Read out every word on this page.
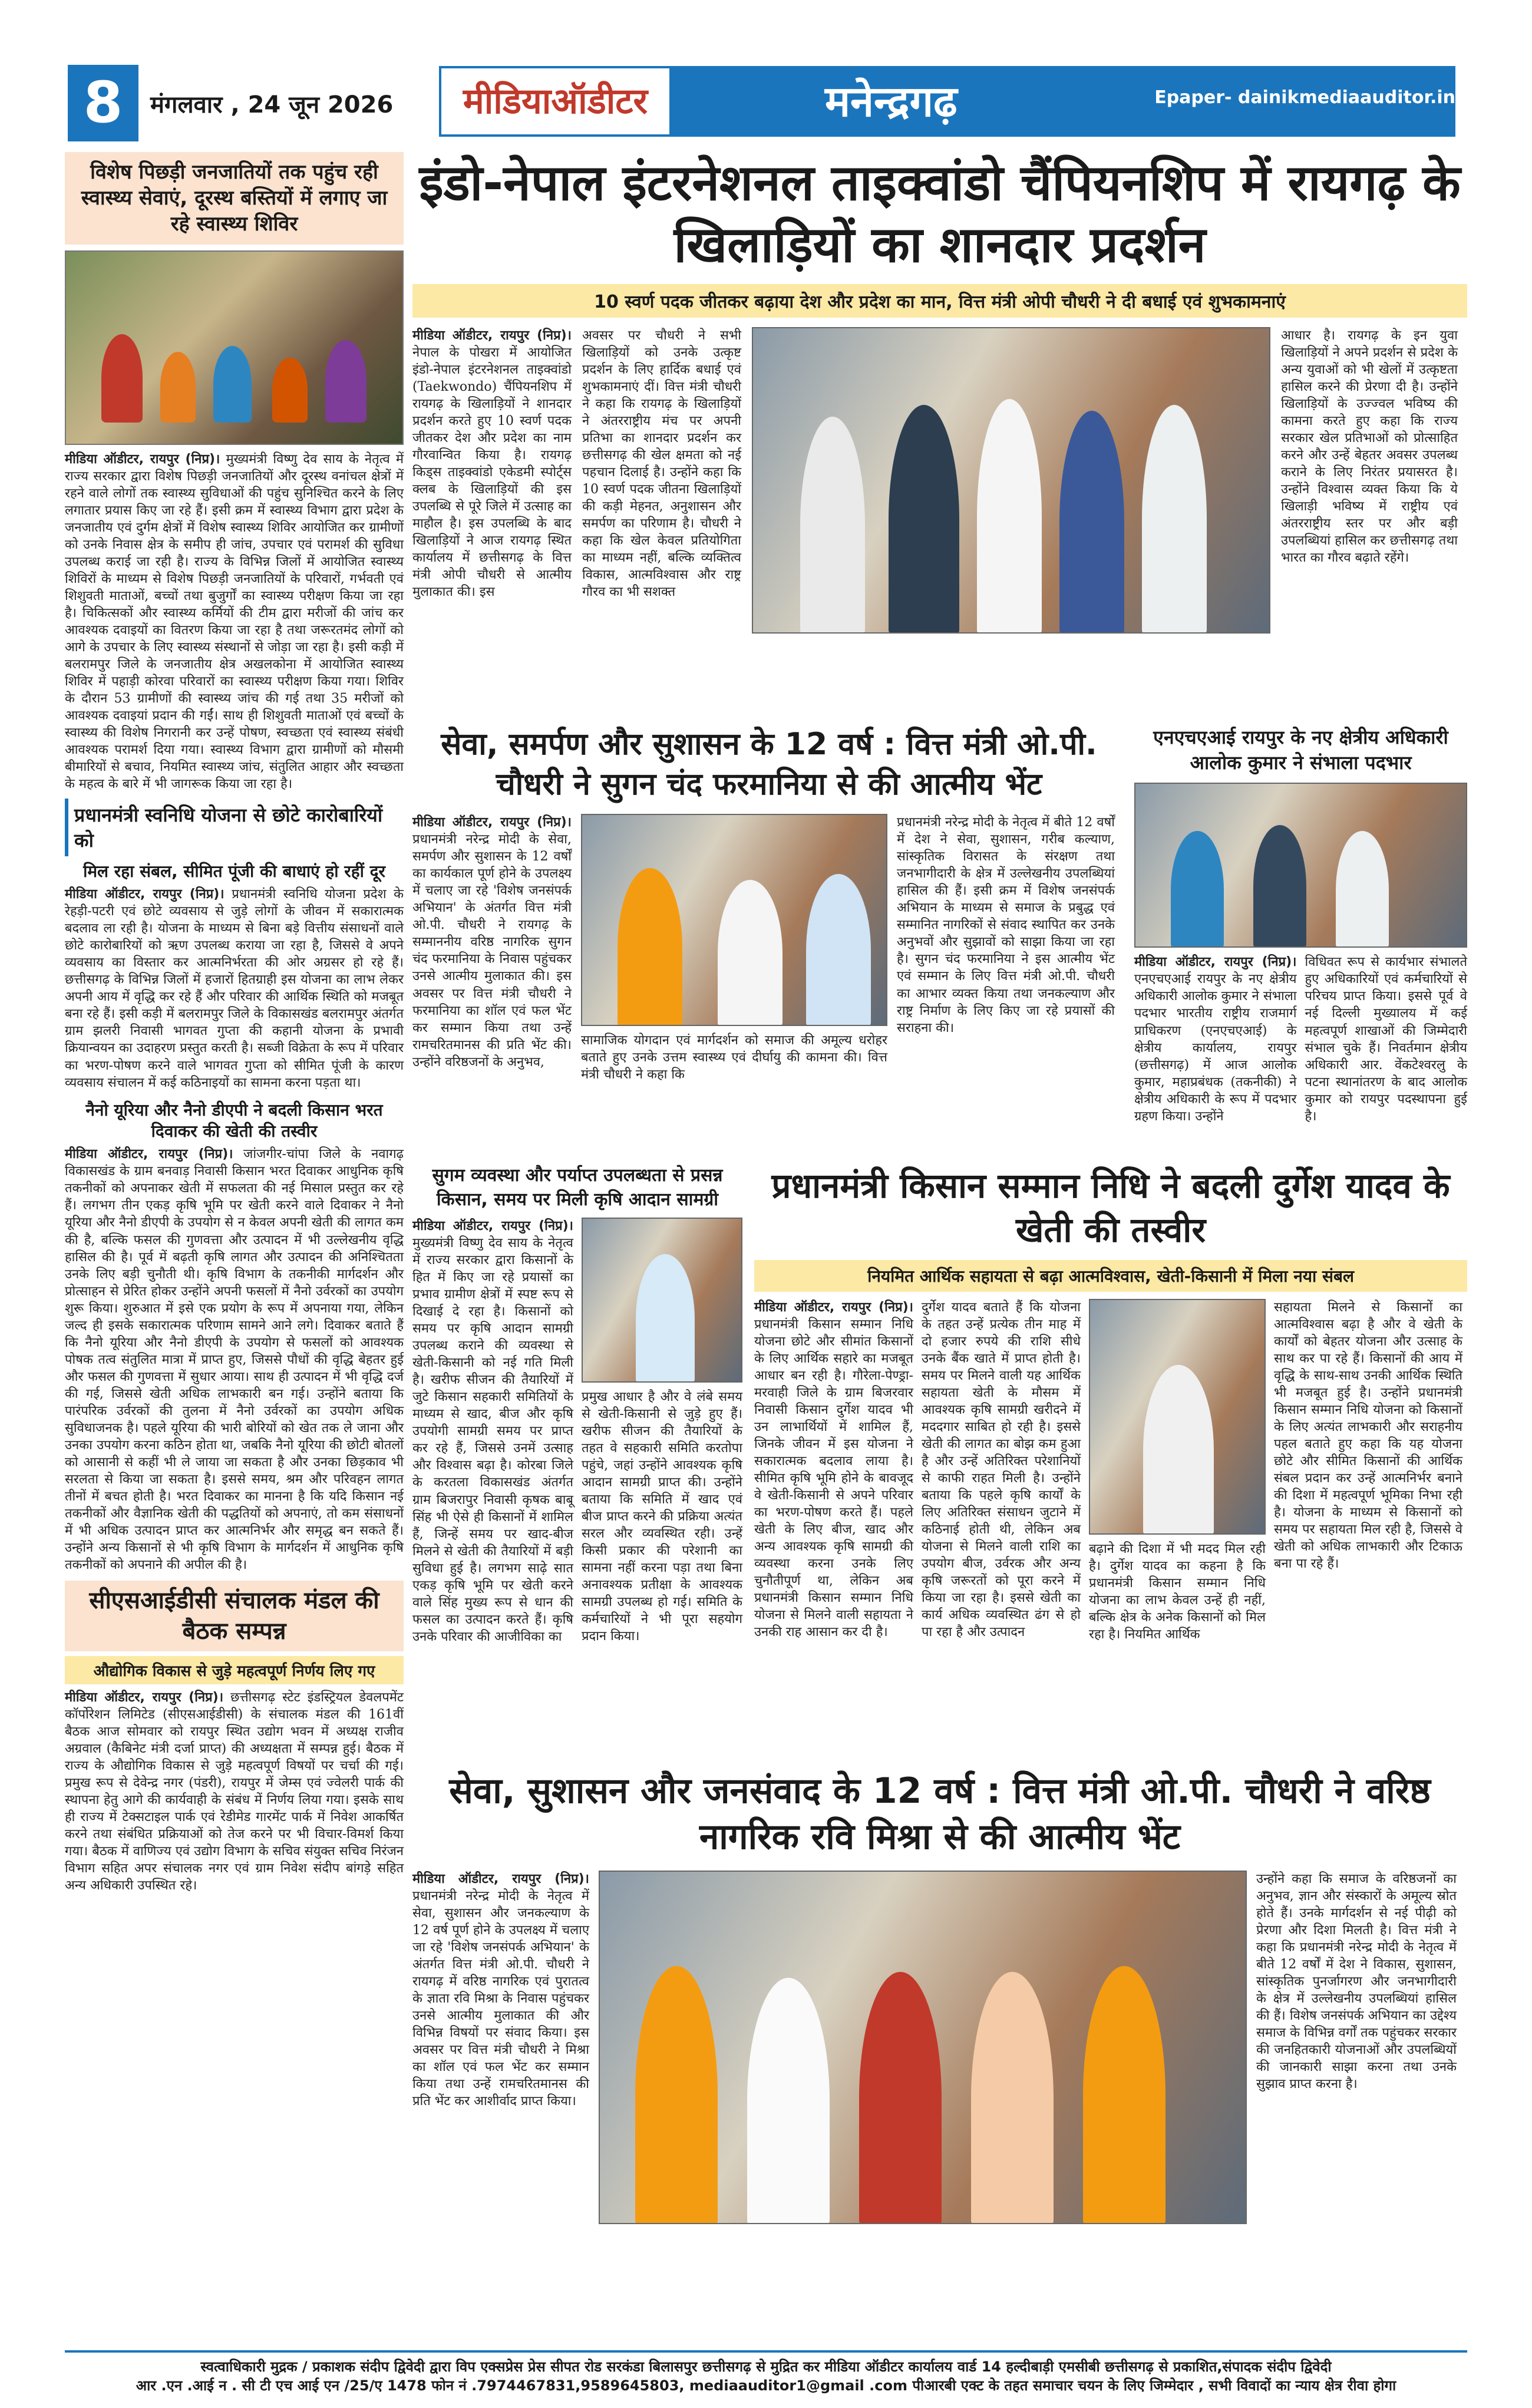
8	मंगलवार , 24 जून 2026	मीडियाऑडीटर	मनेन्द्रगढ़	Epaper- dainikmediaauditor.in
विशेष पिछड़ी जनजातियों तक पहुंच रही स्वास्थ्य सेवाएं, दूरस्थ बस्तियों में लगाए जा रहे स्वास्थ्य शिविर
मीडिया ऑडीटर, रायपुर (निप्र)। मुख्यमंत्री विष्णु देव साय के नेतृत्व में राज्य सरकार द्वारा विशेष पिछड़ी जनजातियों और दूरस्थ वनांचल क्षेत्रों में रहने वाले लोगों तक स्वास्थ्य सुविधाओं की पहुंच सुनिश्चित करने के लिए लगातार प्रयास किए जा रहे हैं। इसी क्रम में स्वास्थ्य विभाग द्वारा प्रदेश के जनजातीय एवं दुर्गम क्षेत्रों में विशेष स्वास्थ्य शिविर आयोजित कर ग्रामीणों को उनके निवास क्षेत्र के समीप ही जांच, उपचार एवं परामर्श की सुविधा उपलब्ध कराई जा रही है। राज्य के विभिन्न जिलों में आयोजित स्वास्थ्य शिविरों के माध्यम से विशेष पिछड़ी जनजातियों के परिवारों, गर्भवती एवं शिशुवती माताओं, बच्चों तथा बुजुर्गों का स्वास्थ्य परीक्षण किया जा रहा है। चिकित्सकों और स्वास्थ्य कर्मियों की टीम द्वारा मरीजों की जांच कर आवश्यक दवाइयों का वितरण किया जा रहा है तथा जरूरतमंद लोगों को आगे के उपचार के लिए स्वास्थ्य संस्थानों से जोड़ा जा रहा है। इसी कड़ी में बलरामपुर जिले के जनजातीय क्षेत्र अखलकोना में आयोजित स्वास्थ्य शिविर में पहाड़ी कोरवा परिवारों का स्वास्थ्य परीक्षण किया गया। शिविर के दौरान 53 ग्रामीणों की स्वास्थ्य जांच की गई तथा 35 मरीजों को आवश्यक दवाइयां प्रदान की गईं। साथ ही शिशुवती माताओं एवं बच्चों के स्वास्थ्य की विशेष निगरानी कर उन्हें पोषण, स्वच्छता एवं स्वास्थ्य संबंधी आवश्यक परामर्श दिया गया। स्वास्थ्य विभाग द्वारा ग्रामीणों को मौसमी बीमारियों से बचाव, नियमित स्वास्थ्य जांच, संतुलित आहार और स्वच्छता के महत्व के बारे में भी जागरूक किया जा रहा है।
प्रधानमंत्री स्वनिधि योजना से छोटे कारोबारियों को
मिल रहा संबल, सीमित पूंजी की बाधाएं हो रहीं दूर
मीडिया ऑडीटर, रायपुर (निप्र)। प्रधानमंत्री स्वनिधि योजना प्रदेश के रेहड़ी-पटरी एवं छोटे व्यवसाय से जुड़े लोगों के जीवन में सकारात्मक बदलाव ला रही है। योजना के माध्यम से बिना बड़े वित्तीय संसाधनों वाले छोटे कारोबारियों को ऋण उपलब्ध कराया जा रहा है, जिससे वे अपने व्यवसाय का विस्तार कर आत्मनिर्भरता की ओर अग्रसर हो रहे हैं। छत्तीसगढ़ के विभिन्न जिलों में हजारों हितग्राही इस योजना का लाभ लेकर अपनी आय में वृद्धि कर रहे हैं और परिवार की आर्थिक स्थिति को मजबूत बना रहे हैं। इसी कड़ी में बलरामपुर जिले के विकासखंड बलरामपुर अंतर्गत ग्राम झलरी निवासी भागवत गुप्ता की कहानी योजना के प्रभावी क्रियान्वयन का उदाहरण प्रस्तुत करती है। सब्जी विक्रेता के रूप में परिवार का भरण-पोषण करने वाले भागवत गुप्ता को सीमित पूंजी के कारण व्यवसाय संचालन में कई कठिनाइयों का सामना करना पड़ता था।
नैनो यूरिया और नैनो डीएपी ने बदली किसान भरत दिवाकर की खेती की तस्वीर
मीडिया ऑडीटर, रायपुर (निप्र)। जांजगीर-चांपा जिले के नवागढ़ विकासखंड के ग्राम बनवाड़ निवासी किसान भरत दिवाकर आधुनिक कृषि तकनीकों को अपनाकर खेती में सफलता की नई मिसाल प्रस्तुत कर रहे हैं। लगभग तीन एकड़ कृषि भूमि पर खेती करने वाले दिवाकर ने नैनो यूरिया और नैनो डीएपी के उपयोग से न केवल अपनी खेती की लागत कम की है, बल्कि फसल की गुणवत्ता और उत्पादन में भी उल्लेखनीय वृद्धि हासिल की है। पूर्व में बढ़ती कृषि लागत और उत्पादन की अनिश्चितता उनके लिए बड़ी चुनौती थी। कृषि विभाग के तकनीकी मार्गदर्शन और प्रोत्साहन से प्रेरित होकर उन्होंने अपनी फसलों में नैनो उर्वरकों का उपयोग शुरू किया। शुरुआत में इसे एक प्रयोग के रूप में अपनाया गया, लेकिन जल्द ही इसके सकारात्मक परिणाम सामने आने लगे। दिवाकर बताते हैं कि नैनो यूरिया और नैनो डीएपी के उपयोग से फसलों को आवश्यक पोषक तत्व संतुलित मात्रा में प्राप्त हुए, जिससे पौधों की वृद्धि बेहतर हुई और फसल की गुणवत्ता में सुधार आया। साथ ही उत्पादन में भी वृद्धि दर्ज की गई, जिससे खेती अधिक लाभकारी बन गई। उन्होंने बताया कि पारंपरिक उर्वरकों की तुलना में नैनो उर्वरकों का उपयोग अधिक सुविधाजनक है। पहले यूरिया की भारी बोरियों को खेत तक ले जाना और उनका उपयोग करना कठिन होता था, जबकि नैनो यूरिया की छोटी बोतलों को आसानी से कहीं भी ले जाया जा सकता है और उनका छिड़काव भी सरलता से किया जा सकता है। इससे समय, श्रम और परिवहन लागत तीनों में बचत होती है। भरत दिवाकर का मानना है कि यदि किसान नई तकनीकों और वैज्ञानिक खेती की पद्धतियों को अपनाएं, तो कम संसाधनों में भी अधिक उत्पादन प्राप्त कर आत्मनिर्भर और समृद्ध बन सकते हैं। उन्होंने अन्य किसानों से भी कृषि विभाग के मार्गदर्शन में आधुनिक कृषि तकनीकों को अपनाने की अपील की है।
सीएसआईडीसी संचालक मंडल की बैठक सम्पन्न
औद्योगिक विकास से जुड़े महत्वपूर्ण निर्णय लिए गए
मीडिया ऑडीटर, रायपुर (निप्र)। छत्तीसगढ़ स्टेट इंडस्ट्रियल डेवलपमेंट कॉर्पोरेशन लिमिटेड (सीएसआईडीसी) के संचालक मंडल की 161वीं बैठक आज सोमवार को रायपुर स्थित उद्योग भवन में अध्यक्ष राजीव अग्रवाल (कैबिनेट मंत्री दर्जा प्राप्त) की अध्यक्षता में सम्पन्न हुई। बैठक में राज्य के औद्योगिक विकास से जुड़े महत्वपूर्ण विषयों पर चर्चा की गई। प्रमुख रूप से देवेन्द्र नगर (पंडरी), रायपुर में जेम्स एवं ज्वेलरी पार्क की स्थापना हेतु आगे की कार्यवाही के संबंध में निर्णय लिया गया। इसके साथ ही राज्य में टेक्सटाइल पार्क एवं रेडीमेड गारमेंट पार्क में निवेश आकर्षित करने तथा संबंधित प्रक्रियाओं को तेज करने पर भी विचार-विमर्श किया गया। बैठक में वाणिज्य एवं उद्योग विभाग के सचिव संयुक्त सचिव निरंजन विभाग सहित अपर संचालक नगर एवं ग्राम निवेश संदीप बांगड़े सहित अन्य अधिकारी उपस्थित रहे।
इंडो-नेपाल इंटरनेशनल ताइक्वांडो चैंपियनशिप में रायगढ़ के खिलाड़ियों का शानदार प्रदर्शन
10 स्वर्ण पदक जीतकर बढ़ाया देश और प्रदेश का मान, वित्त मंत्री ओपी चौधरी ने दी बधाई एवं शुभकामनाएं
मीडिया ऑडीटर, रायपुर (निप्र)। नेपाल के पोखरा में आयोजित इंडो-नेपाल इंटरनेशनल ताइक्वांडो (Taekwondo) चैंपियनशिप में रायगढ़ के खिलाड़ियों ने शानदार प्रदर्शन करते हुए 10 स्वर्ण पदक जीतकर देश और प्रदेश का नाम गौरवान्वित किया है। रायगढ़ किड्स ताइक्वांडो एकेडमी स्पोर्ट्स क्लब के खिलाड़ियों की इस उपलब्धि से पूरे जिले में उत्साह का माहौल है। इस उपलब्धि के बाद खिलाड़ियों ने आज रायगढ़ स्थित कार्यालय में छत्तीसगढ़ के वित्त मंत्री ओपी चौधरी से आत्मीय मुलाकात की। इस
अवसर पर चौधरी ने सभी खिलाड़ियों को उनके उत्कृष्ट प्रदर्शन के लिए हार्दिक बधाई एवं शुभकामनाएं दीं। वित्त मंत्री चौधरी ने कहा कि रायगढ़ के खिलाड़ियों ने अंतरराष्ट्रीय मंच पर अपनी प्रतिभा का शानदार प्रदर्शन कर छत्तीसगढ़ की खेल क्षमता को नई पहचान दिलाई है। उन्होंने कहा कि 10 स्वर्ण पदक जीतना खिलाड़ियों की कड़ी मेहनत, अनुशासन और समर्पण का परिणाम है। चौधरी ने कहा कि खेल केवल प्रतियोगिता का माध्यम नहीं, बल्कि व्यक्तित्व विकास, आत्मविश्वास और राष्ट्र गौरव का भी सशक्त
आधार है। रायगढ़ के इन युवा खिलाड़ियों ने अपने प्रदर्शन से प्रदेश के अन्य युवाओं को भी खेलों में उत्कृष्टता हासिल करने की प्रेरणा दी है। उन्होंने खिलाड़ियों के उज्ज्वल भविष्य की कामना करते हुए कहा कि राज्य सरकार खेल प्रतिभाओं को प्रोत्साहित करने और उन्हें बेहतर अवसर उपलब्ध कराने के लिए निरंतर प्रयासरत है। उन्होंने विश्वास व्यक्त किया कि ये खिलाड़ी भविष्य में राष्ट्रीय एवं अंतरराष्ट्रीय स्तर पर और बड़ी उपलब्धियां हासिल कर छत्तीसगढ़ तथा भारत का गौरव बढ़ाते रहेंगे।
सेवा, समर्पण और सुशासन के 12 वर्ष : वित्त मंत्री ओ.पी. चौधरी ने सुगन चंद फरमानिया से की आत्मीय भेंट
मीडिया ऑडीटर, रायपुर (निप्र)। प्रधानमंत्री नरेन्द्र मोदी के सेवा, समर्पण और सुशासन के 12 वर्षों का कार्यकाल पूर्ण होने के उपलक्ष्य में चलाए जा रहे 'विशेष जनसंपर्क अभियान' के अंतर्गत वित्त मंत्री ओ.पी. चौधरी ने रायगढ़ के सम्माननीय वरिष्ठ नागरिक सुगन चंद फरमानिया के निवास पहुंचकर उनसे आत्मीय मुलाकात की। इस अवसर पर वित्त मंत्री चौधरी ने फरमानिया का शॉल एवं फल भेंट कर सम्मान किया तथा उन्हें रामचरितमानस की प्रति भेंट की। उन्होंने वरिष्ठजनों के अनुभव,
सामाजिक योगदान एवं मार्गदर्शन को समाज की अमूल्य धरोहर बताते हुए उनके उत्तम स्वास्थ्य एवं दीर्घायु की कामना की। वित्त मंत्री चौधरी ने कहा कि
प्रधानमंत्री नरेन्द्र मोदी के नेतृत्व में बीते 12 वर्षों में देश ने सेवा, सुशासन, गरीब कल्याण, सांस्कृतिक विरासत के संरक्षण तथा जनभागीदारी के क्षेत्र में उल्लेखनीय उपलब्धियां हासिल की हैं। इसी क्रम में विशेष जनसंपर्क अभियान के माध्यम से समाज के प्रबुद्ध एवं सम्मानित नागरिकों से संवाद स्थापित कर उनके अनुभवों और सुझावों को साझा किया जा रहा है। सुगन चंद फरमानिया ने इस आत्मीय भेंट एवं सम्मान के लिए वित्त मंत्री ओ.पी. चौधरी का आभार व्यक्त किया तथा जनकल्याण और राष्ट्र निर्माण के लिए किए जा रहे प्रयासों की सराहना की।
एनएचएआई रायपुर के नए क्षेत्रीय अधिकारी आलोक कुमार ने संभाला पदभार
मीडिया ऑडीटर, रायपुर (निप्र)। एनएचएआई रायपुर के नए क्षेत्रीय अधिकारी आलोक कुमार ने संभाला पदभार भारतीय राष्ट्रीय राजमार्ग प्राधिकरण (एनएचएआई) के क्षेत्रीय कार्यालय, रायपुर (छत्तीसगढ़) में आज आलोक कुमार, महाप्रबंधक (तकनीकी) ने क्षेत्रीय अधिकारी के रूप में पदभार ग्रहण किया। उन्होंने
विधिवत रूप से कार्यभार संभालते हुए अधिकारियों एवं कर्मचारियों से परिचय प्राप्त किया। इससे पूर्व वे नई दिल्ली मुख्यालय में कई महत्वपूर्ण शाखाओं की जिम्मेदारी संभाल चुके हैं। निवर्तमान क्षेत्रीय अधिकारी आर. वेंकटेश्वरलु के पटना स्थानांतरण के बाद आलोक कुमार को रायपुर पदस्थापना हुई है।
सुगम व्यवस्था और पर्याप्त उपलब्धता से प्रसन्न किसान, समय पर मिली कृषि आदान सामग्री
मीडिया ऑडीटर, रायपुर (निप्र)। मुख्यमंत्री विष्णु देव साय के नेतृत्व में राज्य सरकार द्वारा किसानों के हित में किए जा रहे प्रयासों का प्रभाव ग्रामीण क्षेत्रों में स्पष्ट रूप से दिखाई दे रहा है। किसानों को समय पर कृषि आदान सामग्री उपलब्ध कराने की व्यवस्था से खेती-किसानी को नई गति मिली है। खरीफ सीजन की तैयारियों में जुटे किसान सहकारी समितियों के माध्यम से खाद, बीज और कृषि उपयोगी सामग्री समय पर प्राप्त कर रहे हैं, जिससे उनमें उत्साह और विश्वास बढ़ा है। कोरबा जिले के करतला विकासखंड अंतर्गत ग्राम बिजरापुर निवासी कृषक बाबू सिंह भी ऐसे ही किसानों में शामिल हैं, जिन्हें समय पर खाद-बीज मिलने से खेती की तैयारियों में बड़ी सुविधा हुई है। लगभग साढ़े सात एकड़ कृषि भूमि पर खेती करने वाले सिंह मुख्य रूप से धान की फसल का उत्पादन करते हैं। कृषि उनके परिवार की आजीविका का
प्रमुख आधार है और वे लंबे समय से खेती-किसानी से जुड़े हुए हैं। खरीफ सीजन की तैयारियों के तहत वे सहकारी समिति करतोपा पहुंचे, जहां उन्होंने आवश्यक कृषि आदान सामग्री प्राप्त की। उन्होंने बताया कि समिति में खाद एवं बीज प्राप्त करने की प्रक्रिया अत्यंत सरल और व्यवस्थित रही। उन्हें किसी प्रकार की परेशानी का सामना नहीं करना पड़ा तथा बिना अनावश्यक प्रतीक्षा के आवश्यक सामग्री उपलब्ध हो गई। समिति के कर्मचारियों ने भी पूरा सहयोग प्रदान किया।
प्रधानमंत्री किसान सम्मान निधि ने बदली दुर्गेश यादव के खेती की तस्वीर
नियमित आर्थिक सहायता से बढ़ा आत्मविश्वास, खेती-किसानी में मिला नया संबल
मीडिया ऑडीटर, रायपुर (निप्र)। प्रधानमंत्री किसान सम्मान निधि योजना छोटे और सीमांत किसानों के लिए आर्थिक सहारे का मजबूत आधार बन रही है। गौरेला-पेण्ड्रा-मरवाही जिले के ग्राम बिजरवार निवासी किसान दुर्गेश यादव भी उन लाभार्थियों में शामिल हैं, जिनके जीवन में इस योजना ने सकारात्मक बदलाव लाया है। सीमित कृषि भूमि होने के बावजूद वे खेती-किसानी से अपने परिवार का भरण-पोषण करते हैं। पहले खेती के लिए बीज, खाद और अन्य आवश्यक कृषि सामग्री की व्यवस्था करना उनके लिए चुनौतीपूर्ण था, लेकिन अब प्रधानमंत्री किसान सम्मान निधि योजना से मिलने वाली सहायता ने उनकी राह आसान कर दी है।
दुर्गेश यादव बताते हैं कि योजना के तहत उन्हें प्रत्येक तीन माह में दो हजार रुपये की राशि सीधे उनके बैंक खाते में प्राप्त होती है। समय पर मिलने वाली यह आर्थिक सहायता खेती के मौसम में आवश्यक कृषि सामग्री खरीदने में मददगार साबित हो रही है। इससे खेती की लागत का बोझ कम हुआ है और उन्हें अतिरिक्त परेशानियों से काफी राहत मिली है। उन्होंने बताया कि पहले कृषि कार्यों के लिए अतिरिक्त संसाधन जुटाने में कठिनाई होती थी, लेकिन अब योजना से मिलने वाली राशि का उपयोग बीज, उर्वरक और अन्य कृषि जरूरतों को पूरा करने में किया जा रहा है। इससे खेती का कार्य अधिक व्यवस्थित ढंग से हो पा रहा है और उत्पादन
बढ़ाने की दिशा में भी मदद मिल रही है। दुर्गेश यादव का कहना है कि प्रधानमंत्री किसान सम्मान निधि योजना का लाभ केवल उन्हें ही नहीं, बल्कि क्षेत्र के अनेक किसानों को मिल रहा है। नियमित आर्थिक
सहायता मिलने से किसानों का आत्मविश्वास बढ़ा है और वे खेती के कार्यों को बेहतर योजना और उत्साह के साथ कर पा रहे हैं। किसानों की आय में वृद्धि के साथ-साथ उनकी आर्थिक स्थिति भी मजबूत हुई है। उन्होंने प्रधानमंत्री किसान सम्मान निधि योजना को किसानों के लिए अत्यंत लाभकारी और सराहनीय पहल बताते हुए कहा कि यह योजना छोटे और सीमित किसानों की आर्थिक संबल प्रदान कर उन्हें आत्मनिर्भर बनाने की दिशा में महत्वपूर्ण भूमिका निभा रही है। योजना के माध्यम से किसानों को समय पर सहायता मिल रही है, जिससे वे खेती को अधिक लाभकारी और टिकाऊ बना पा रहे हैं।
सेवा, सुशासन और जनसंवाद के 12 वर्ष : वित्त मंत्री ओ.पी. चौधरी ने वरिष्ठ नागरिक रवि मिश्रा से की आत्मीय भेंट
मीडिया ऑडीटर, रायपुर (निप्र)। प्रधानमंत्री नरेन्द्र मोदी के नेतृत्व में सेवा, सुशासन और जनकल्याण के 12 वर्ष पूर्ण होने के उपलक्ष्य में चलाए जा रहे 'विशेष जनसंपर्क अभियान' के अंतर्गत वित्त मंत्री ओ.पी. चौधरी ने रायगढ़ में वरिष्ठ नागरिक एवं पुरातत्व के ज्ञाता रवि मिश्रा के निवास पहुंचकर उनसे आत्मीय मुलाकात की और विभिन्न विषयों पर संवाद किया। इस अवसर पर वित्त मंत्री चौधरी ने मिश्रा का शॉल एवं फल भेंट कर सम्मान किया तथा उन्हें रामचरितमानस की प्रति भेंट कर आशीर्वाद प्राप्त किया।
उन्होंने कहा कि समाज के वरिष्ठजनों का अनुभव, ज्ञान और संस्कारों के अमूल्य स्रोत होते हैं। उनके मार्गदर्शन से नई पीढ़ी को प्रेरणा और दिशा मिलती है। वित्त मंत्री ने कहा कि प्रधानमंत्री नरेन्द्र मोदी के नेतृत्व में बीते 12 वर्षों में देश ने विकास, सुशासन, सांस्कृतिक पुनर्जागरण और जनभागीदारी के क्षेत्र में उल्लेखनीय उपलब्धियां हासिल की हैं। विशेष जनसंपर्क अभियान का उद्देश्य समाज के विभिन्न वर्गों तक पहुंचकर सरकार की जनहितकारी योजनाओं और उपलब्धियों की जानकारी साझा करना तथा उनके सुझाव प्राप्त करना है।
स्वत्वाधिकारी मुद्रक / प्रकाशक संदीप द्विवेदी द्वारा विप एक्सप्रेस प्रेस सीपत रोड सरकंडा बिलासपुर छत्तीसगढ़ से मुद्रित कर मीडिया ऑडीटर कार्यालय वार्ड 14 हल्दीबाड़ी एमसीबी छत्तीसगढ़ से प्रकाशित,संपादक संदीप द्विवेदी
आर .एन .आई न . सी टी एच आई एन /25/ए 1478 फोन नं .7974467831,9589645803, mediaauditor1@gmail .com पीआरबी एक्ट के तहत समाचार चयन के लिए जिम्मेदार , सभी विवादों का न्याय क्षेत्र रीवा होगा
